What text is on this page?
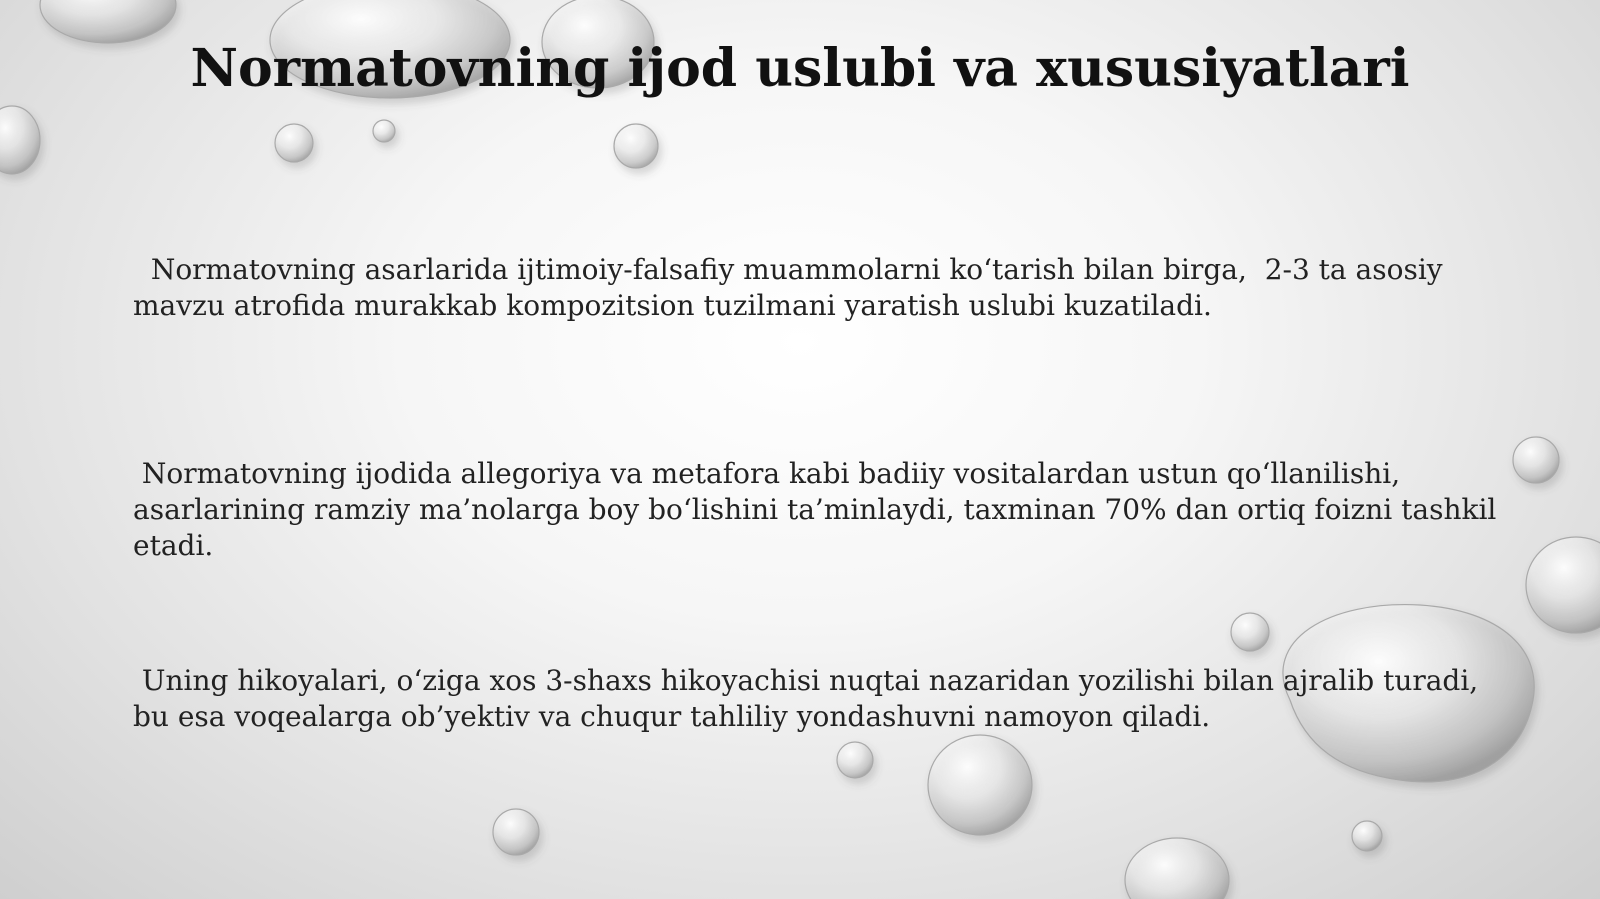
Normatovning ijod uslubi va xususiyatlari

Normatovning asarlarida ijtimoiy-falsafiy muammolarni ko‘tarish bilan birga,  2-3 ta asosiy mavzu atrofida murakkab kompozitsion tuzilmani yaratish uslubi kuzatiladi.

Normatovning ijodida allegoriya va metafora kabi badiiy vositalardan ustun qo‘llanilishi, asarlarining ramziy ma’nolarga boy bo‘lishini ta’minlaydi, taxminan 70% dan ortiq foizni tashkil etadi.

Uning hikoyalari, o‘ziga xos 3-shaxs hikoyachisi nuqtai nazaridan yozilishi bilan ajralib turadi, bu esa voqealarga ob’yektiv va chuqur tahliliy yondashuvni namoyon qiladi.
